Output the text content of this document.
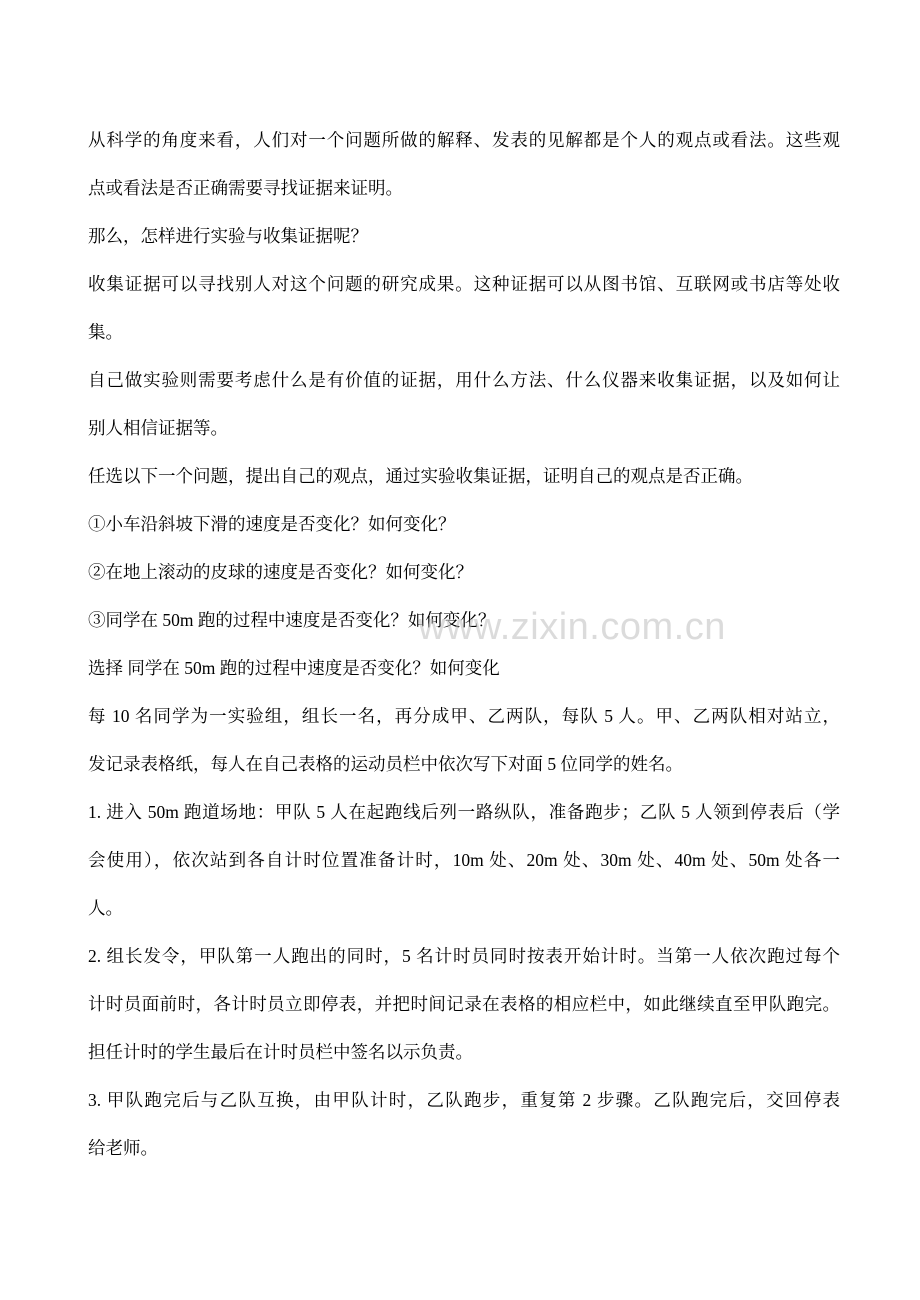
从科学的角度来看，人们对一个问题所做的解释、发表的见解都是个人的观点或看法。这些观
点或看法是否正确需要寻找证据来证明。
那么，怎样进行实验与收集证据呢？
收集证据可以寻找别人对这个问题的研究成果。这种证据可以从图书馆、互联网或书店等处收
集。
自己做实验则需要考虑什么是有价值的证据，用什么方法、什么仪器来收集证据，以及如何让
别人相信证据等。
任选以下一个问题，提出自己的观点，通过实验收集证据，证明自己的观点是否正确。
①小车沿斜坡下滑的速度是否变化？如何变化？
②在地上滚动的皮球的速度是否变化？如何变化？
③同学在 50m 跑的过程中速度是否变化？如何变化？
选择 同学在 50m 跑的过程中速度是否变化？如何变化
每 10 名同学为一实验组，组长一名，再分成甲、乙两队，每队 5 人。甲、乙两队相对站立，
发记录表格纸，每人在自己表格的运动员栏中依次写下对面 5 位同学的姓名。
1. 进入 50m 跑道场地：甲队 5 人在起跑线后列一路纵队，准备跑步；乙队 5 人领到停表后（学
会使用），依次站到各自计时位置准备计时，10m 处、20m 处、30m 处、40m 处、50m 处各一
人。
2. 组长发令，甲队第一人跑出的同时，5 名计时员同时按表开始计时。当第一人依次跑过每个
计时员面前时，各计时员立即停表，并把时间记录在表格的相应栏中，如此继续直至甲队跑完。
担任计时的学生最后在计时员栏中签名以示负责。
3. 甲队跑完后与乙队互换，由甲队计时，乙队跑步，重复第 2 步骤。乙队跑完后，交回停表
给老师。
www.zixin.com.cn
